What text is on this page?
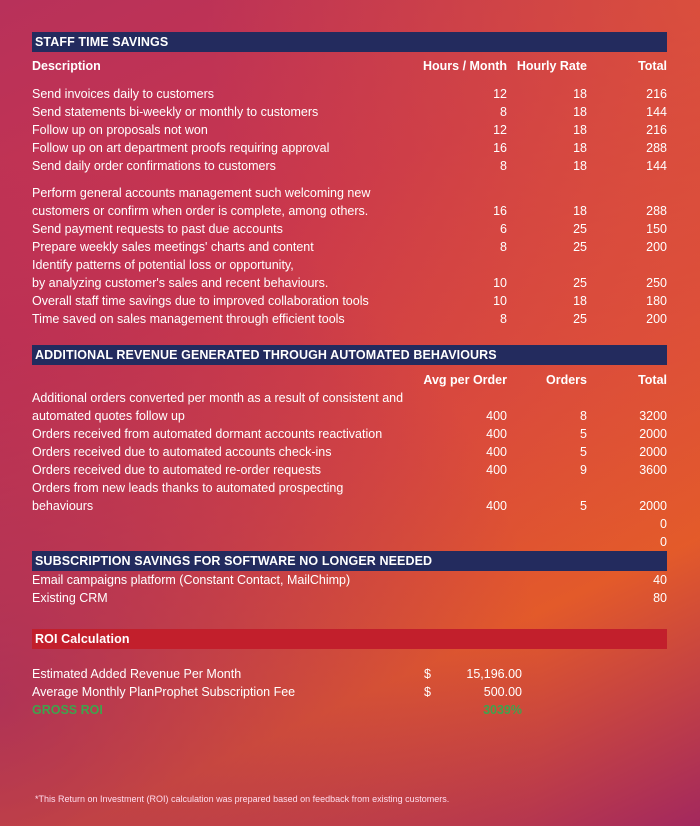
STAFF TIME SAVINGS
Description	Hours / Month Hourly Rate	Total
Send invoices daily to customers	12	18	216
Send statements bi-weekly or monthly to customers	8	18	144
Follow up on proposals not won	12	18	216
Follow up on art department proofs requiring approval	16	18	288
Send daily order confirmations to customers	8	18	144
Perform general accounts management such welcoming new
customers or confirm when order is complete, among others.	16	18	288
Send payment requests to past due accounts	6	25	150
Prepare weekly sales meetings' charts and content	8	25	200
Identify patterns of potential loss or opportunity,
by analyzing customer's sales and recent behaviours.	10	25	250
Overall staff time savings due to improved collaboration tools	10	18	180
Time saved on sales management through efficient tools	8	25	200
ADDITIONAL REVENUE GENERATED THROUGH AUTOMATED BEHAVIOURS
Avg per Order	Orders	Total
Additional orders converted per month as a result of consistent and
automated quotes follow up	400	8	3200
Orders received from automated dormant accounts reactivation	400	5	2000
Orders received due to automated accounts check-ins	400	5	2000
Orders received due to automated re-order requests	400	9	3600
Orders from new leads thanks to automated prospecting
behaviours	400	5	2000
0
0
SUBSCRIPTION SAVINGS FOR SOFTWARE NO LONGER NEEDED
Email campaigns platform (Constant Contact, MailChimp)	40
Existing CRM	80
ROI Calculation
Estimated Added Revenue Per Month	$	15,196.00
Average Monthly PlanProphet Subscription Fee	$	500.00
GROSS ROI	3039%
*This Return on Investment (ROI) calculation was prepared based on feedback from existing customers.
